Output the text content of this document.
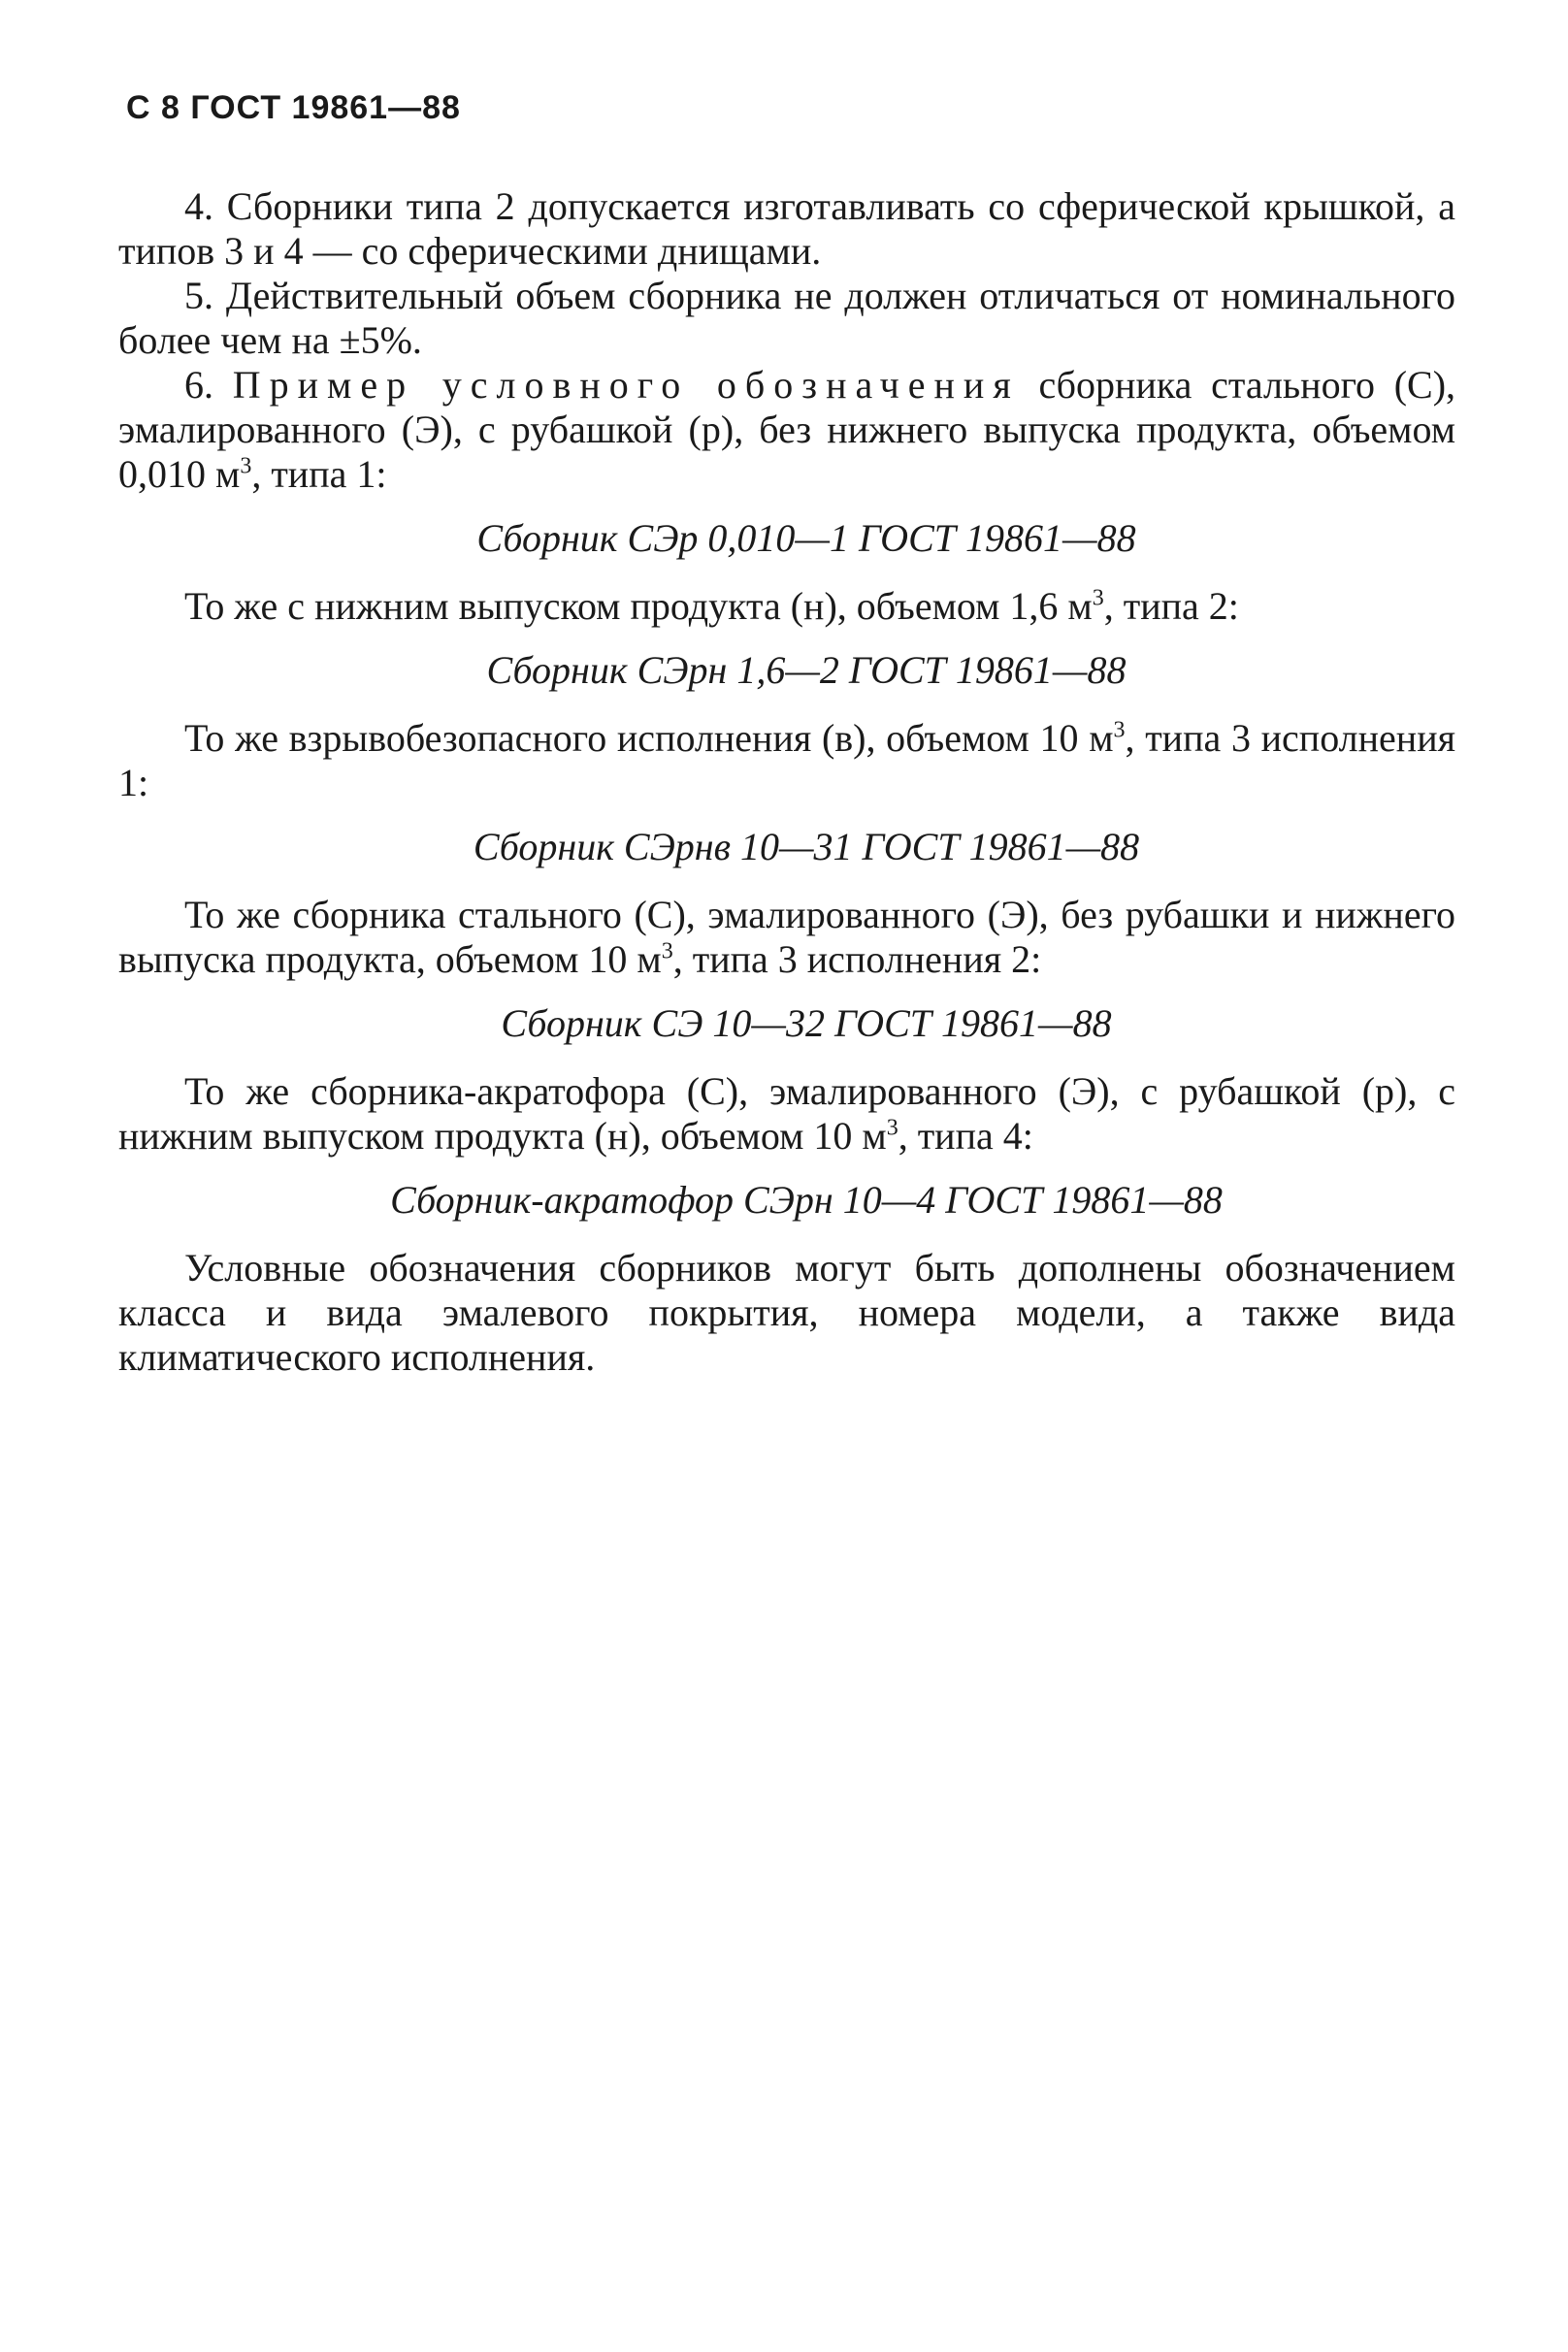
С 8 ГОСТ 19861—88

4. Сборники типа 2 допускается изготавливать со сферической крышкой, а типов 3 и 4 — со сферическими днищами.

5. Действительный объем сборника не должен отличаться от номинального более чем на ±5%.

6. Пример условного обозначения сборника стального (С), эмалированного (Э), с рубашкой (р), без нижнего выпуска продукта, объемом 0,010 $м^3$, типа 1:

Сборник СЭр 0,010—1 ГОСТ 19861—88

То же с нижним выпуском продукта (н), объемом 1,6 $м^3$, типа 2:

Сборник СЭрн 1,6—2 ГОСТ 19861—88

То же взрывобезопасного исполнения (в), объемом 10 $м^3$, типа 3 исполнения 1:

Сборник СЭрнв 10—31 ГОСТ 19861—88

То же сборника стального (С), эмалированного (Э), без рубашки и нижнего выпуска продукта, объемом 10 $м^3$, типа 3 исполнения 2:

Сборник СЭ 10—32 ГОСТ 19861—88

То же сборника-акратофора (С), эмалированного (Э), с рубашкой (р), с нижним выпуском продукта (н), объемом 10 $м^3$, типа 4:

Сборник-акратофор СЭрн 10—4 ГОСТ 19861—88

Условные обозначения сборников могут быть дополнены обозначением класса и вида эмалевого покрытия, номера модели, а также вида климатического исполнения.
